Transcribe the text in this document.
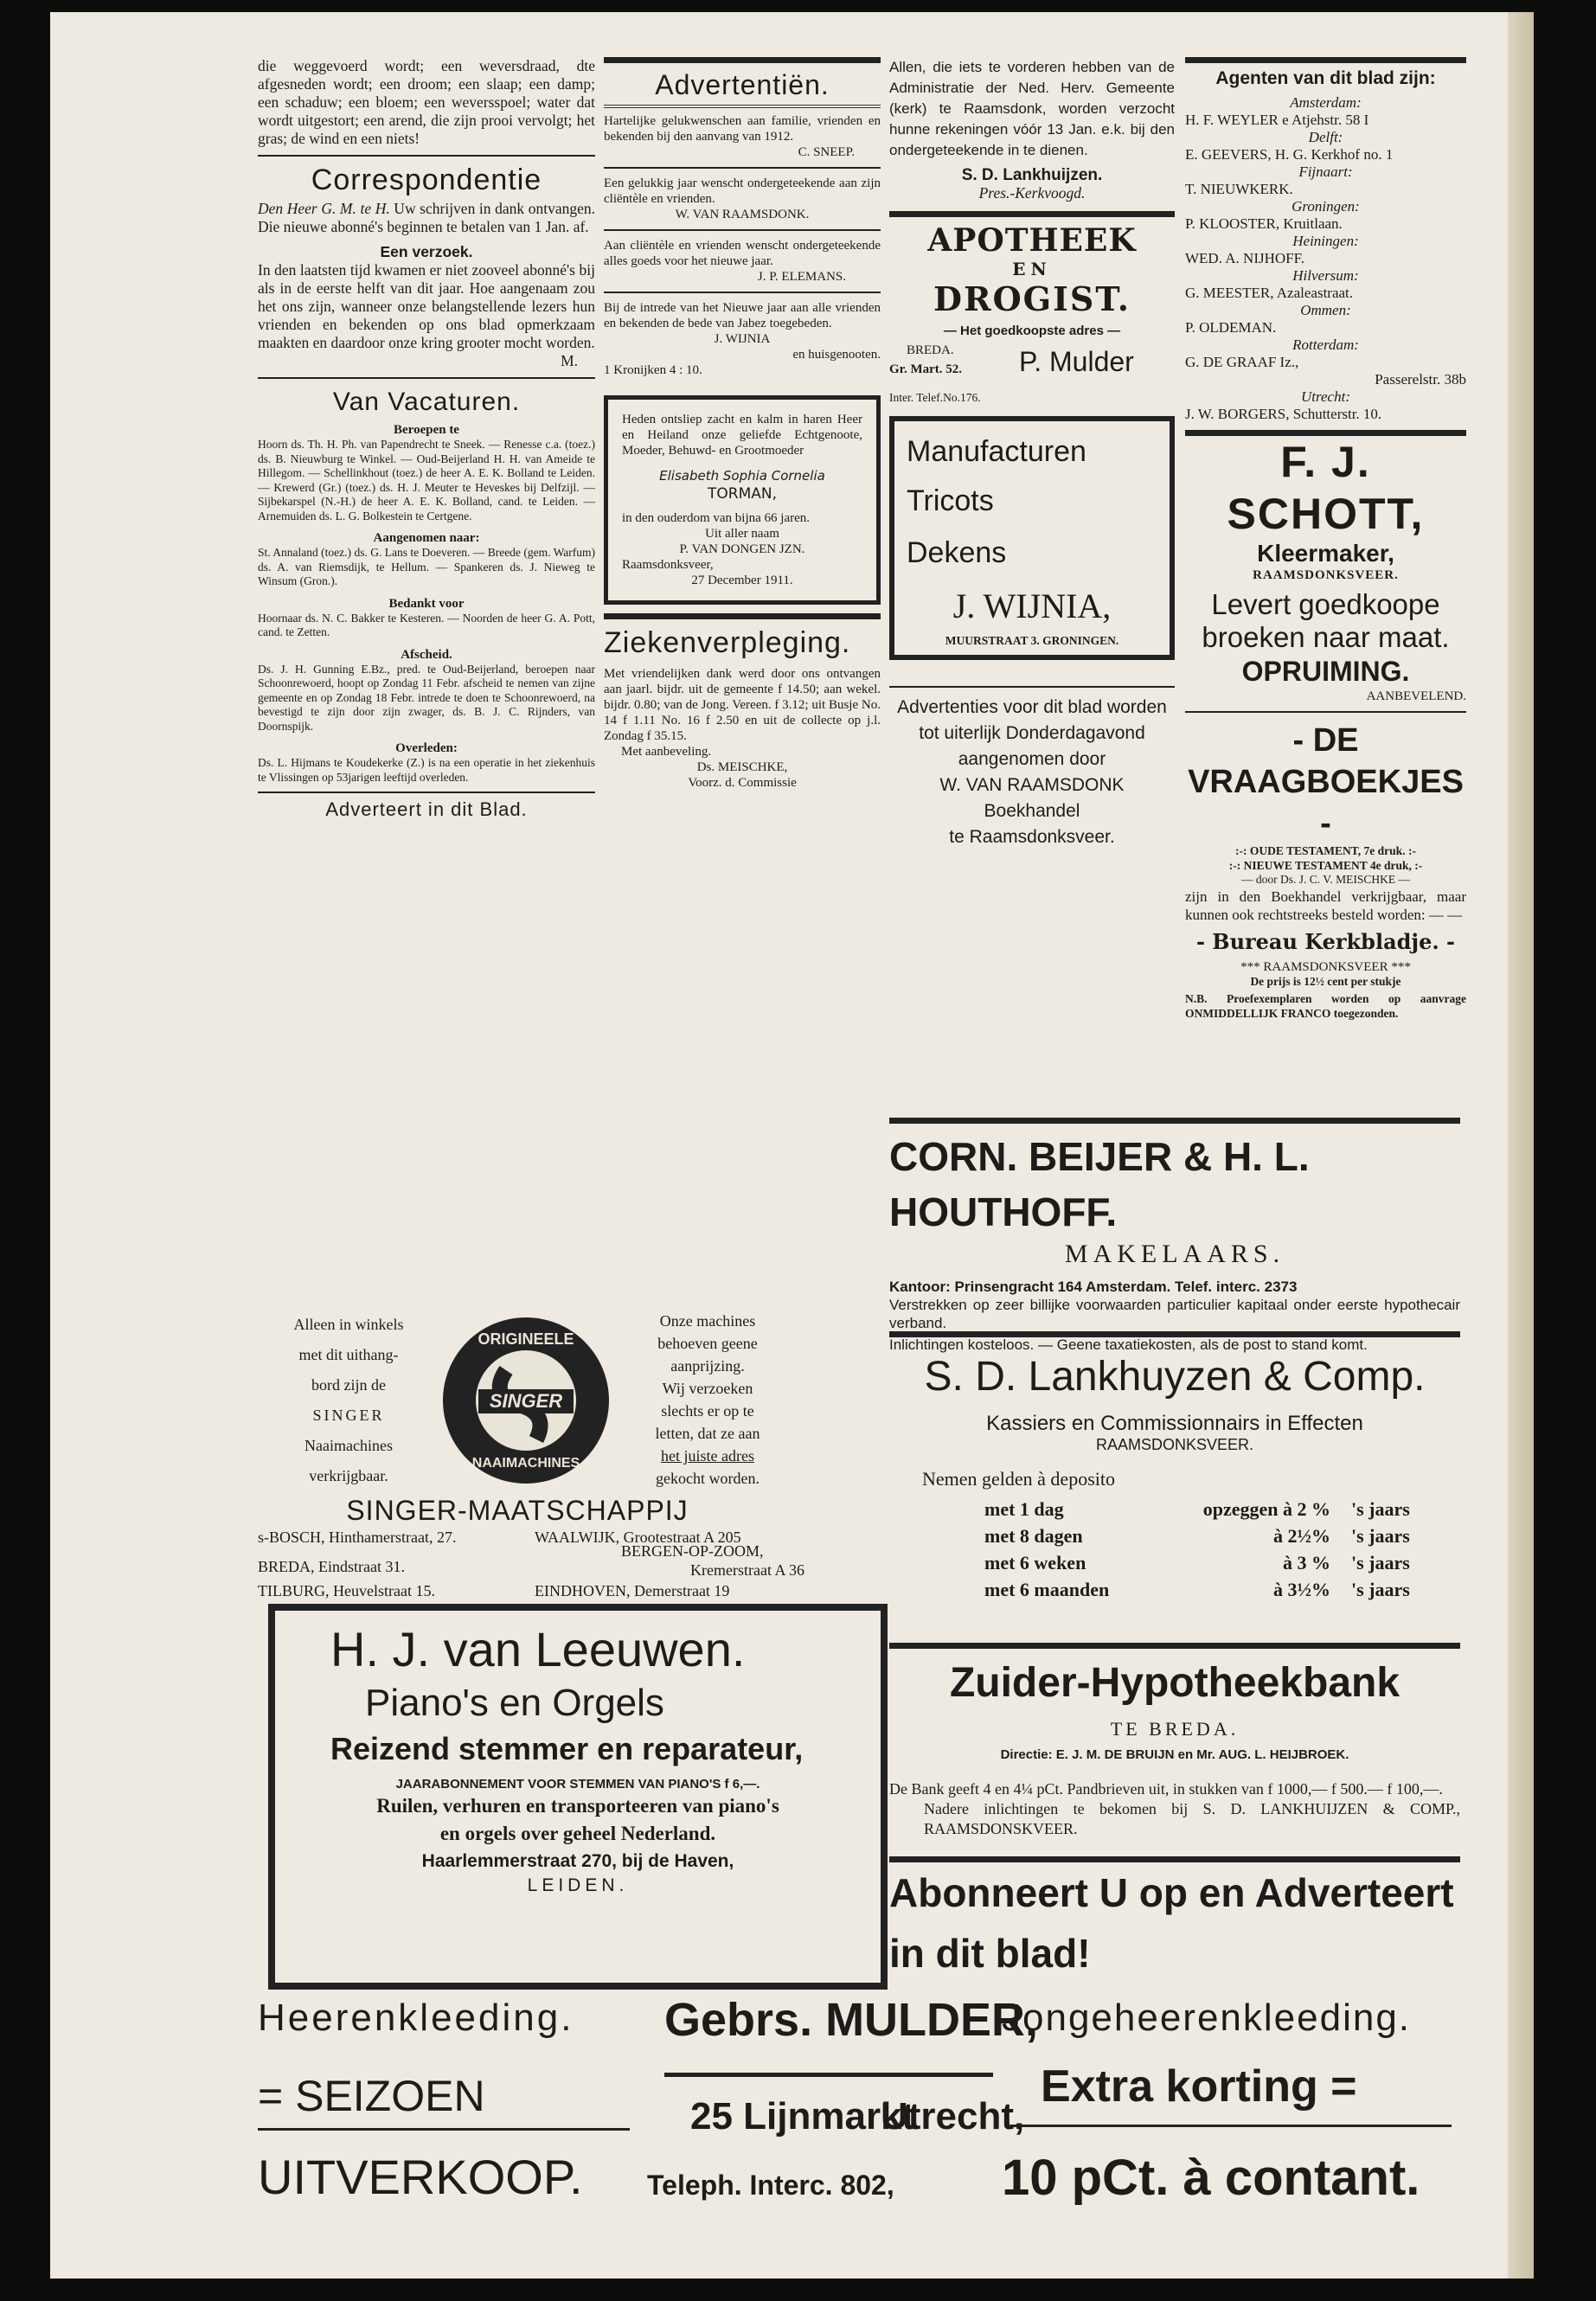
die weggevoerd wordt; een weversdraad, dte afgesneden wordt; een droom; een slaap; een damp; een schaduw; een bloem; een weversspoel; water dat wordt uitgestort; een arend, die zijn prooi vervolgt; het gras; de wind en een niets!

Correspondentie

Den Heer G. M. te H. Uw schrijven in dank ontvangen. Die nieuwe abonné's beginnen te betalen van 1 Jan. af.

Een verzoek.

In den laatsten tijd kwamen er niet zooveel abonné's bij als in de eerste helft van dit jaar. Hoe aangenaam zou het ons zijn, wanneer onze belangstellende lezers hun vrienden en bekenden op ons blad opmerkzaam maakten en daardoor onze kring grooter mocht worden.

M.

Van Vacaturen.

Beroepen te

Hoorn ds. Th. H. Ph. van Papendrecht te Sneek. — Renesse c.a. (toez.) ds. B. Nieuwburg te Winkel. — Oud-Beijerland H. H. van Ameide te Hillegom. — Schellinkhout (toez.) de heer A. E. K. Bolland te Leiden. — Krewerd (Gr.) (toez.) ds. H. J. Meuter te Heveskes bij Delfzijl. — Sijbekarspel (N.-H.) de heer A. E. K. Bolland, cand. te Leiden. — Arnemuiden ds. L. G. Bolkestein te Certgene.

Aangenomen naar:

St. Annaland (toez.) ds. G. Lans te Doeveren. — Breede (gem. Warfum) ds. A. van Riemsdijk, te Hellum. — Spankeren ds. J. Nieweg te Winsum (Gron.).

Bedankt voor

Hoornaar ds. N. C. Bakker te Kesteren. — Noorden de heer G. A. Pott, cand. te Zetten.

Afscheid.

Ds. J. H. Gunning E.Bz., pred. te Oud-Beijerland, beroepen naar Schoonrewoerd, hoopt op Zondag 11 Febr. afscheid te nemen van zijne gemeente en op Zondag 18 Febr. intrede te doen te Schoonrewoerd, na bevestigd te zijn door zijn zwager, ds. B. J. C. Rijnders, van Doornspijk.

Overleden:

Ds. L. Hijmans te Koudekerke (Z.) is na een operatie in het ziekenhuis te Vlissingen op 53jarigen leeftijd overleden.

Adverteert in dit Blad.

Advertentiën.

Hartelijke gelukwenschen aan familie, vrienden en bekenden bij den aanvang van 1912.

C. SNEEP.

Een gelukkig jaar wenscht ondergeteekende aan zijn cliëntèle en vrienden.

W. VAN RAAMSDONK.

Aan cliëntèle en vrienden wenscht ondergeteekende alles goeds voor het nieuwe jaar.

J. P. ELEMANS.

Bij de intrede van het Nieuwe jaar aan alle vrienden en bekenden de bede van Jabez toegebeden.

J. WIJNIA

en huisgenooten.

1 Kronijken 4 : 10.

Heden ontsliep zacht en kalm in haren Heer en Heiland onze geliefde Echtgenoote, Moeder, Behuwd- en Grootmoeder

Elisabeth Sophia Cornelia

TORMAN,

in den ouderdom van bijna 66 jaren.

Uit aller naam

P. VAN DONGEN JZN.

Raamsdonksveer,

27 December 1911.

Ziekenverpleging.

Met vriendelijken dank werd door ons ontvangen aan jaarl. bijdr. uit de gemeente f 14.50; aan wekel. bijdr. 0.80; van de Jong. Vereen. f 3.12; uit Busje No. 14 f 1.11 No. 16 f 2.50 en uit de collecte op j.l. Zondag f 35.15.

Met aanbeveling.

Ds. MEISCHKE,

Voorz. d. Commissie

Allen, die iets te vorderen hebben van de Administratie der Ned. Herv. Gemeente (kerk) te Raamsdonk, worden verzocht hunne rekeningen vóór 13 Jan. e.k. bij den ondergeteekende in te dienen.

S. D. Lankhuijzen.

Pres.-Kerkvoogd.

APOTHEEK
EN
DROGIST.

— Het goedkoopste adres —

BREDA.
Gr. Mart. 52. P. Mulder

Inter. Telef.No.176.

Manufacturen
Tricots
Dekens
J. WIJNIA,
MUURSTRAAT 3. GRONINGEN.

Advertenties voor dit blad worden tot uiterlijk Donderdagavond aangenomen door

W. VAN RAAMSDONK

Boekhandel

te Raamsdonksveer.

Agenten van dit blad zijn:
Amsterdam:
H. F. WEYLER e Atjehstr. 58 I
Delft:
E. GEEVERS, H. G. Kerkhof no. 1
Fijnaart:
T. NIEUWKERK.
Groningen:
P. KLOOSTER, Kruitlaan.
Heiningen:
WED. A. NIJHOFF.
Hilversum:
G. MEESTER, Azaleastraat.
Ommen:
P. OLDEMAN.
Rotterdam:
G. DE GRAAF Iz.,
Passerelstr. 38b
Utrecht:
J. W. BORGERS, Schutterstr. 10.
F. J. SCHOTT,
Kleermaker,
RAAMSDONKSVEER.
Levert goedkoope
broeken naar maat.
OPRUIMING.
AANBEVELEND.
- DE VRAAGBOEKJES -

:-: OUDE TESTAMENT, 7e druk. :-

:-: NIEUWE TESTAMENT 4e druk, :-

— door Ds. J. C. V. MEISCHKE —

zijn in den Boekhandel verkrijgbaar, maar kunnen ook rechtstreeks besteld worden: — —

- Bureau Kerkbladje. -

*** RAAMSDONKSVEER ***

De prijs is 12½ cent per stukje

N.B. Proefexemplaren worden op aanvrage ONMIDDELLIJK FRANCO toegezonden.

Alleen in winkels
met dit uithang-
bord zijn de
SINGER
Naaimachines
verkrijgbaar.
SINGER
ORIGINEELE
NAAIMACHINES
Onze machines
behoeven geene
aanprijzing.
Wij verzoeken
slechts er op te
letten, dat ze aan
het juiste adres
gekocht worden.
SINGER-MAATSCHAPPIJ
s-BOSCH, Hinthamerstraat, 27.
BREDA, Eindstraat 31.
TILBURG, Heuvelstraat 15.
WAALWIJK, Grootestraat A 205
BERGEN-OP-ZOOM,
Kremerstraat A 36
EINDHOVEN, Demerstraat 19
CORN. BEIJER & H. L. HOUTHOFF.
MAKELAARS.

Kantoor: Prinsengracht 164 Amsterdam. Telef. interc. 2373

Verstrekken op zeer billijke voorwaarden particulier kapitaal onder eerste hypothecair verband.

Inlichtingen kosteloos. — Geene taxatiekosten, als de post to stand komt.

S. D. Lankhuyzen & Comp.
Kassiers en Commissionnairs in Effecten
RAAMSDONKSVEER.
Nemen gelden à deposito
met 1 dag	opzeggen à 2 %	's jaars
met 8 dagen	à 2½%	's jaars
met 6 weken	à 3 %	's jaars
met 6 maanden	à 3½%	's jaars
H. J. van Leeuwen.
Piano's en Orgels
Reizend stemmer en reparateur,
JAARABONNEMENT VOOR STEMMEN VAN PIANO'S f 6,—.
Ruilen, verhuren en transporteeren van piano's
en orgels over geheel Nederland.
Haarlemmerstraat 270, bij de Haven,
LEIDEN.
Zuider-Hypotheekbank
TE BREDA.
Directie: E. J. M. DE BRUIJN en Mr. AUG. L. HEIJBROEK.

De Bank geeft 4 en 4¼ pCt. Pandbrieven uit, in stukken van f 1000,— f 500.— f 100,—.

Nadere inlichtingen te bekomen bij S. D. LANKHUIJZEN & COMP., RAAMSDONSKVEER.

Abonneert U op en Adverteert in dit blad!
Heerenkleeding. Gebrs. MULDER,
Jongeheerenkleeding.
= SEIZOEN	25 Lijnmarkt
Utrecht,
Extra korting =
UITVERKOOP. Teleph. Interc. 802, 10 pCt. à contant.
